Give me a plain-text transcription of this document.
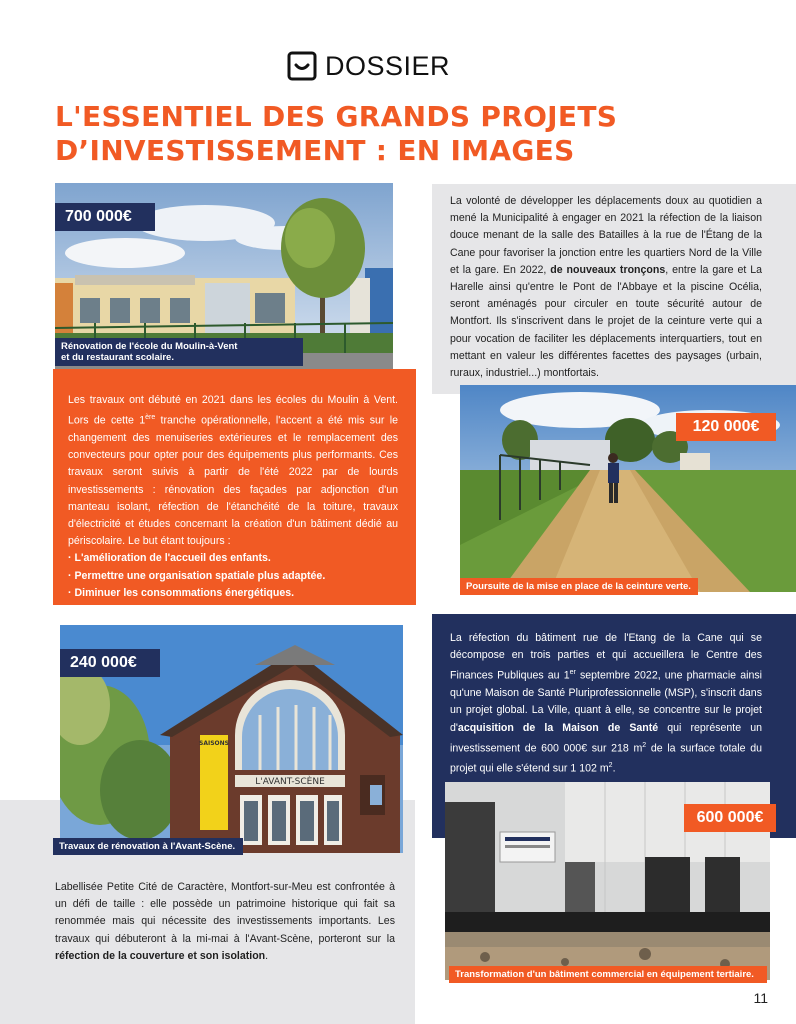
DOSSIER
L'ESSENTIEL DES GRANDS PROJETS
D’INVESTISSEMENT : EN IMAGES
La volonté de développer les déplacements doux au quotidien a mené la Municipalité à engager en 2021 la réfection de la liaison douce menant de la salle des Batailles à la rue de l'Étang de la Cane pour favoriser la jonction entre les quartiers Nord de la Ville et la gare. En 2022, de nouveaux tronçons, entre la gare et La Harelle ainsi qu'entre le Pont de l'Abbaye et la piscine Océlia, seront aménagés pour circuler en toute sécurité autour de Montfort. Ils s'inscrivent dans le projet de la ceinture verte qui a pour vocation de faciliter les déplacements interquartiers, tout en mettant en valeur les différentes facettes des paysages (urbain, ruraux, industriel...) montfortais.
700 000€
Rénovation de l'école du Moulin-à-Vent
et du restaurant scolaire.
Les travaux ont débuté en 2021 dans les écoles du Moulin à Vent. Lors de cette 1ère tranche opérationnelle, l'accent a été mis sur le changement des menuiseries extérieures et le remplacement des convecteurs pour opter pour des équipements plus performants. Ces travaux seront suivis à partir de l'été 2022 par de lourds investissements : rénovation des façades par adjonction d'un manteau isolant, réfection de l'étanchéité de la toiture, travaux d'électricité et études concernant la création d'un bâtiment dédié au périscolaire. Le but étant toujours :
· L'amélioration de l'accueil des enfants.
· Permettre une organisation spatiale plus adaptée.
· Diminuer les consommations énergétiques.
120 000€
Poursuite de la mise en place de la ceinture verte.
La réfection du bâtiment rue de l'Etang de la Cane qui se décompose en trois parties et qui accueillera le Centre des Finances Publiques au 1er septembre 2022, une pharmacie ainsi qu'une Maison de Santé Pluriprofessionnelle (MSP), s'inscrit dans un projet global. La Ville, quant à elle, se concentre sur le projet d'acquisition de la Maison de Santé qui représente un investissement de 600 000€ sur 218 $m^2$ de la surface totale du projet qui elle s'étend sur 1 102 $m^2$.
L'AVANT-SCÈNE
SAISONS
240 000€
Travaux de rénovation à l'Avant-Scène.
Labellisée Petite Cité de Caractère, Montfort-sur-Meu est confrontée à un défi de taille : elle possède un patrimoine historique qui fait sa renommée mais qui nécessite des investissements importants. Les travaux qui débuteront à la mi-mai à l'Avant-Scène, porteront sur la réfection de la couverture et son isolation.
600 000€
Transformation d'un bâtiment commercial en équipement tertiaire.
11
